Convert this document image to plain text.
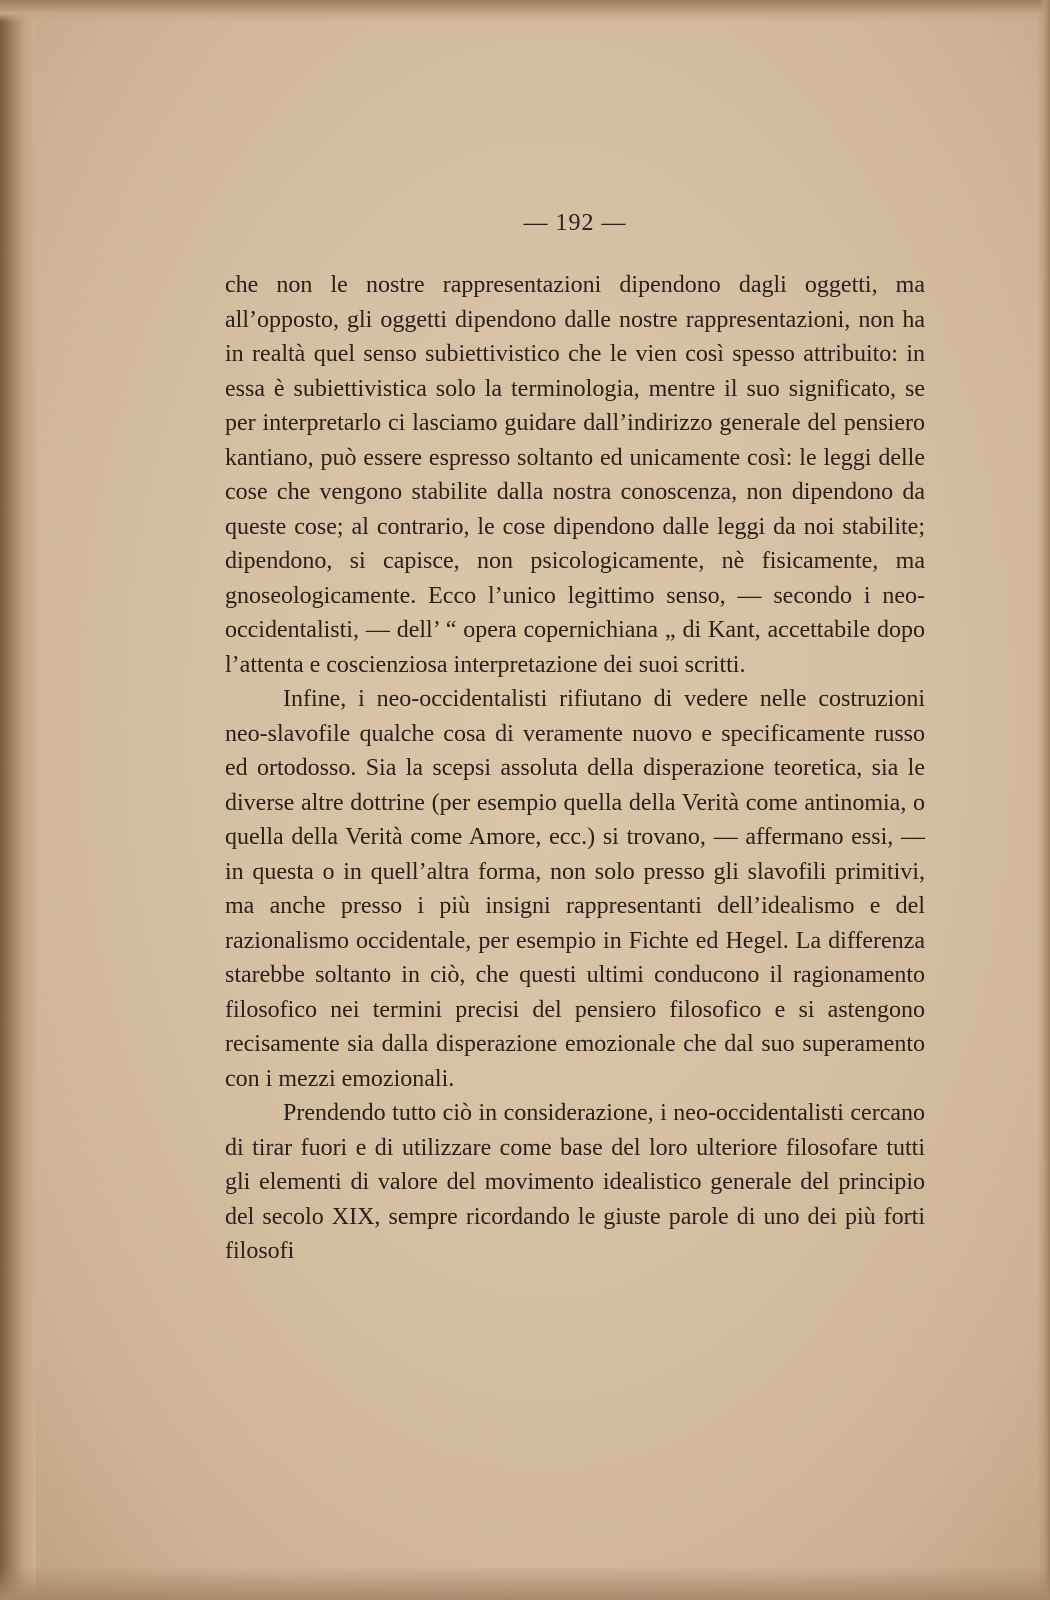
— 192 —

che non le nostre rappresentazioni dipendono dagli oggetti, ma all’opposto, gli oggetti dipendono dalle nostre rappresentazioni, non ha in realtà quel senso subiettivistico che le vien così spesso attribuito: in essa è subiettivistica solo la terminologia, mentre il suo significato, se per interpretarlo ci lasciamo guidare dall’indirizzo generale del pensiero kantiano, può essere espresso soltanto ed unicamente così: le leggi delle cose che vengono stabilite dalla nostra conoscenza, non dipendono da queste cose; al contrario, le cose dipendono dalle leggi da noi stabilite; dipendono, si capisce, non psicologicamente, nè fisicamente, ma gnoseologicamente. Ecco l’unico legittimo senso, — secondo i neo-occidentalisti, — dell’ “ opera copernichiana „ di Kant, accettabile dopo l’attenta e coscienziosa interpretazione dei suoi scritti.

Infine, i neo-occidentalisti rifiutano di vedere nelle costruzioni neo-slavofile qualche cosa di veramente nuovo e specificamente russo ed ortodosso. Sia la scepsi assoluta della disperazione teoretica, sia le diverse altre dottrine (per esempio quella della Verità come antinomia, o quella della Verità come Amore, ecc.) si trovano, — affermano essi, — in questa o in quell’altra forma, non solo presso gli slavofili primitivi, ma anche presso i più insigni rappresentanti dell’idealismo e del razionalismo occidentale, per esempio in Fichte ed Hegel. La differenza starebbe soltanto in ciò, che questi ultimi conducono il ragionamento filosofico nei termini precisi del pensiero filosofico e si astengono recisamente sia dalla disperazione emozionale che dal suo superamento con i mezzi emozionali.

Prendendo tutto ciò in considerazione, i neo-occidentalisti cercano di tirar fuori e di utilizzare come base del loro ulteriore filosofare tutti gli elementi di valore del movimento idealistico generale del principio del secolo XIX, sempre ricordando le giuste parole di uno dei più forti filosofi
